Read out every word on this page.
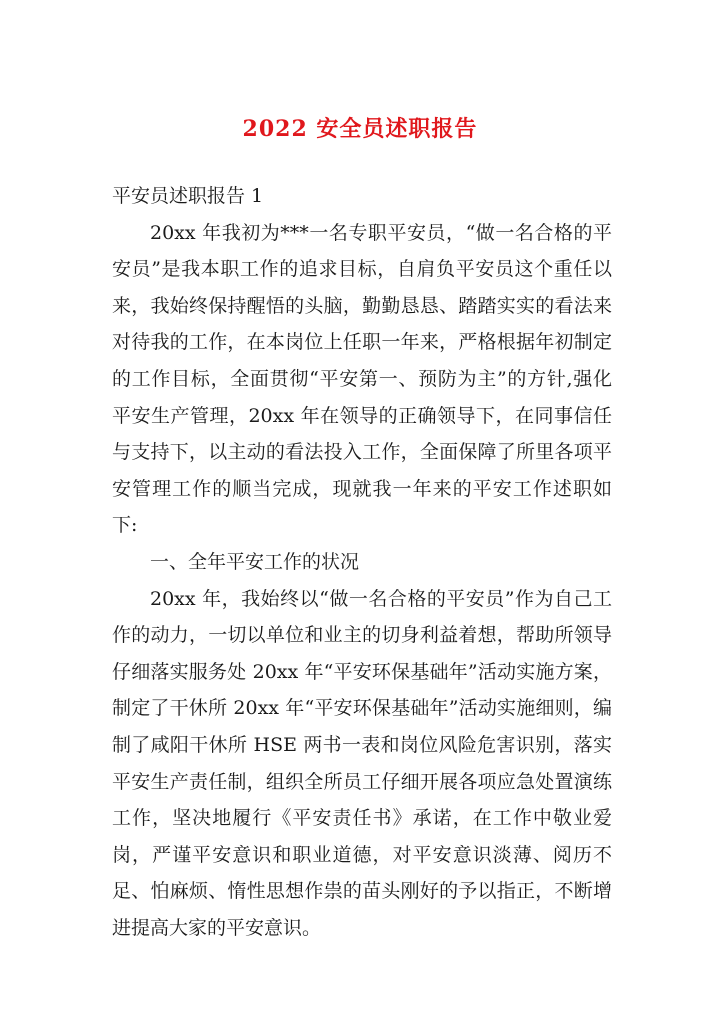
2022 安全员述职报告

平安员述职报告 1

20xx 年我初为***一名专职平安员，“做一名合格的平安员”是我本职工作的追求目标，自肩负平安员这个重任以来，我始终保持醒悟的头脑，勤勤恳恳、踏踏实实的看法来对待我的工作，在本岗位上任职一年来，严格根据年初制定的工作目标，全面贯彻“平安第一、预防为主”的方针,强化平安生产管理，20xx 年在领导的正确领导下，在同事信任与支持下，以主动的看法投入工作，全面保障了所里各项平安管理工作的顺当完成，现就我一年来的平安工作述职如下:

一、全年平安工作的状况

20xx 年，我始终以“做一名合格的平安员”作为自己工作的动力，一切以单位和业主的切身利益着想，帮助所领导仔细落实服务处 20xx 年“平安环保基础年”活动实施方案，制定了干休所 20xx 年“平安环保基础年”活动实施细则，编制了咸阳干休所 HSE 两书一表和岗位风险危害识别，落实平安生产责任制，组织全所员工仔细开展各项应急处置演练工作，坚决地履行《平安责任书》承诺，在工作中敬业爱岗，严谨平安意识和职业道德，对平安意识淡薄、阅历不足、怕麻烦、惰性思想作祟的苗头刚好的予以指正，不断增进提高大家的平安意识。
